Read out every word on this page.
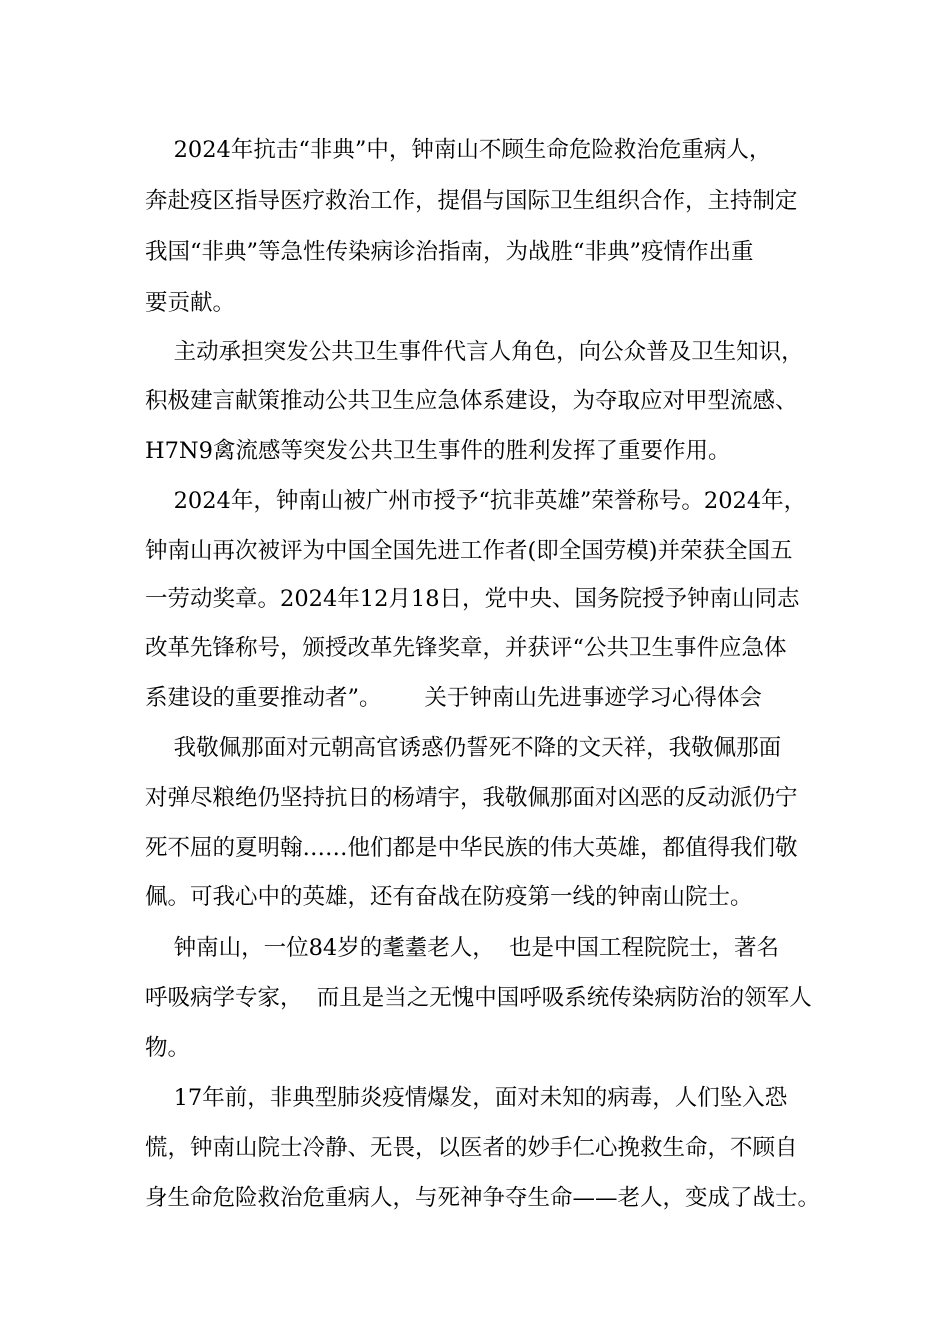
2024年抗击“非典”中，钟南山不顾生命危险救治危重病人，

奔赴疫区指导医疗救治工作，提倡与国际卫生组织合作，主持制定

我国“非典”等急性传染病诊治指南，为战胜“非典”疫情作出重

要贡献。

主动承担突发公共卫生事件代言人角色，向公众普及卫生知识，

积极建言献策推动公共卫生应急体系建设，为夺取应对甲型流感、

H7N9禽流感等突发公共卫生事件的胜利发挥了重要作用。

2024年，钟南山被广州市授予“抗非英雄”荣誉称号。2024年，

钟南山再次被评为中国全国先进工作者(即全国劳模)并荣获全国五

一劳动奖章。2024年12月18日，党中央、国务院授予钟南山同志

改革先锋称号，颁授改革先锋奖章，并获评“公共卫生事件应急体

系建设的重要推动者”。      关于钟南山先进事迹学习心得体会

我敬佩那面对元朝高官诱惑仍誓死不降的文天祥，我敬佩那面

对弹尽粮绝仍坚持抗日的杨靖宇，我敬佩那面对凶恶的反动派仍宁

死不屈的夏明翰……他们都是中华民族的伟大英雄，都值得我们敬

佩。可我心中的英雄，还有奋战在防疫第一线的钟南山院士。

钟南山，一位84岁的耄耋老人，  也是中国工程院院士，著名

呼吸病学专家，  而且是当之无愧中国呼吸系统传染病防治的领军人

物。

17年前，非典型肺炎疫情爆发，面对未知的病毒，人们坠入恐

慌，钟南山院士冷静、无畏，以医者的妙手仁心挽救生命，不顾自

身生命危险救治危重病人，与死神争夺生命——老人，变成了战士。
